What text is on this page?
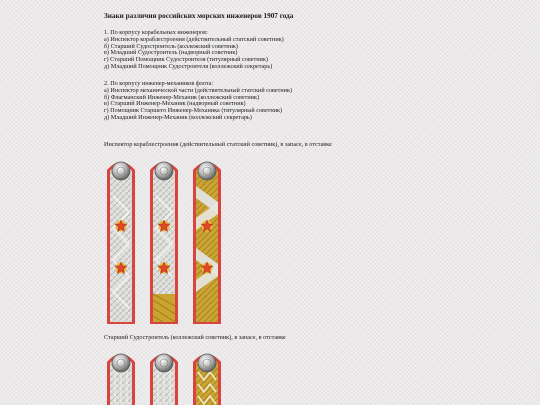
Знаки различия российских морских инженеров 1907 года
1. По корпусу корабельных инженеров:
а) Инспектор кораблестроения (действительный статский советник)
б) Старший Судостроитель (коллежский советник)
в) Младший Судостроитель (надворный советник)
г) Старший Помощник Судостроителя (титулярный советник)
д) Младший Помощник Судостроителя (коллежский секретарь)
2. По корпусу инженер-механиков флота:
а) Инспектор механической части (действительный статский советник)
б) Флагманский Инженер-Механик (коллежский советник)
в) Старший Инженер-Механик (надворный советник)
г) Помощник Старшего Инженер-Механика (титулярный советник)
д) Младший Инженер-Механик (коллежский секретарь)
Инспектор кораблестроения (действительный статский советник), в запасе, в отставке
Старший Судостроитель (коллежский советник), в запасе, в отставке
